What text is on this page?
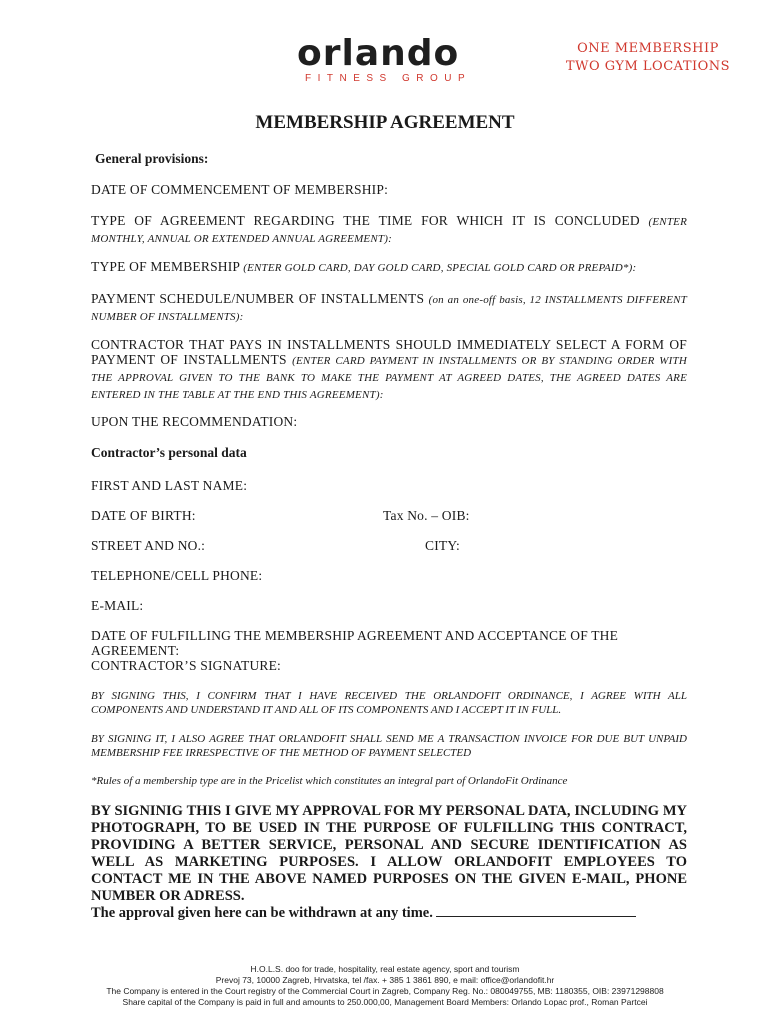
orlando
FITNESS GROUP
ONE MEMBERSHIP
TWO GYM LOCATIONS
MEMBERSHIP AGREEMENT
General provisions:
DATE OF COMMENCEMENT OF MEMBERSHIP:
TYPE OF AGREEMENT REGARDING THE TIME FOR WHICH IT IS CONCLUDED (ENTER MONTHLY, ANNUAL OR EXTENDED ANNUAL AGREEMENT):
TYPE OF MEMBERSHIP (ENTER GOLD CARD, DAY GOLD CARD, SPECIAL GOLD CARD OR PREPAID*):
PAYMENT SCHEDULE/NUMBER OF INSTALLMENTS (on an one-off basis, 12 INSTALLMENTS DIFFERENT NUMBER OF INSTALLMENTS):
CONTRACTOR THAT PAYS IN INSTALLMENTS SHOULD IMMEDIATELY SELECT A FORM OF PAYMENT OF INSTALLMENTS (ENTER CARD PAYMENT IN INSTALLMENTS OR BY STANDING ORDER WITH THE APPROVAL GIVEN TO THE BANK TO MAKE THE PAYMENT AT AGREED DATES, THE AGREED DATES ARE ENTERED IN THE TABLE AT THE END THIS AGREEMENT):
UPON THE RECOMMENDATION:
Contractor’s personal data
FIRST AND LAST NAME:
DATE OF BIRTH:	Tax No. – OIB:
STREET AND NO.:	CITY:
TELEPHONE/CELL PHONE:
E-MAIL:
DATE OF FULFILLING THE MEMBERSHIP AGREEMENT AND ACCEPTANCE OF THE AGREEMENT:
CONTRACTOR’S SIGNATURE:
BY SIGNING THIS, I CONFIRM THAT I HAVE RECEIVED THE ORLANDOFIT ORDINANCE, I AGREE WITH ALL COMPONENTS AND UNDERSTAND IT AND ALL OF ITS COMPONENTS AND I ACCEPT IT IN FULL.
BY SIGNING IT, I ALSO AGREE THAT ORLANDOFIT SHALL SEND ME A TRANSACTION INVOICE FOR DUE BUT UNPAID MEMBERSHIP FEE IRRESPECTIVE OF THE METHOD OF PAYMENT SELECTED
*Rules of a membership type are in the Pricelist which constitutes an integral part of OrlandoFit Ordinance
BY SIGNINIG THIS I GIVE MY APPROVAL FOR MY PERSONAL DATA, INCLUDING MY PHOTOGRAPH, TO BE USED IN THE PURPOSE OF FULFILLING THIS CONTRACT, PROVIDING A BETTER SERVICE, PERSONAL AND SECURE IDENTIFICATION AS WELL AS MARKETING PURPOSES. I ALLOW ORLANDOFIT EMPLOYEES TO CONTACT ME IN THE ABOVE NAMED PURPOSES ON THE GIVEN E-MAIL, PHONE NUMBER OR ADRESS.
The approval given here can be withdrawn at any time.
H.O.L.S. doo for trade, hospitality, real estate agency, sport and tourism
Prevoj 73, 10000 Zagreb, Hrvatska, tel /fax. + 385 1 3861 890, e mail: office@orlandofit.hr
The Company is entered in the Court registry of the Commercial Court in Zagreb, Company Reg. No.: 080049755, MB: 1180355, OIB: 23971298808
Share capital of the Company is paid in full and amounts to 250.000,00, Management Board Members: Orlando Lopac prof., Roman Partcei
